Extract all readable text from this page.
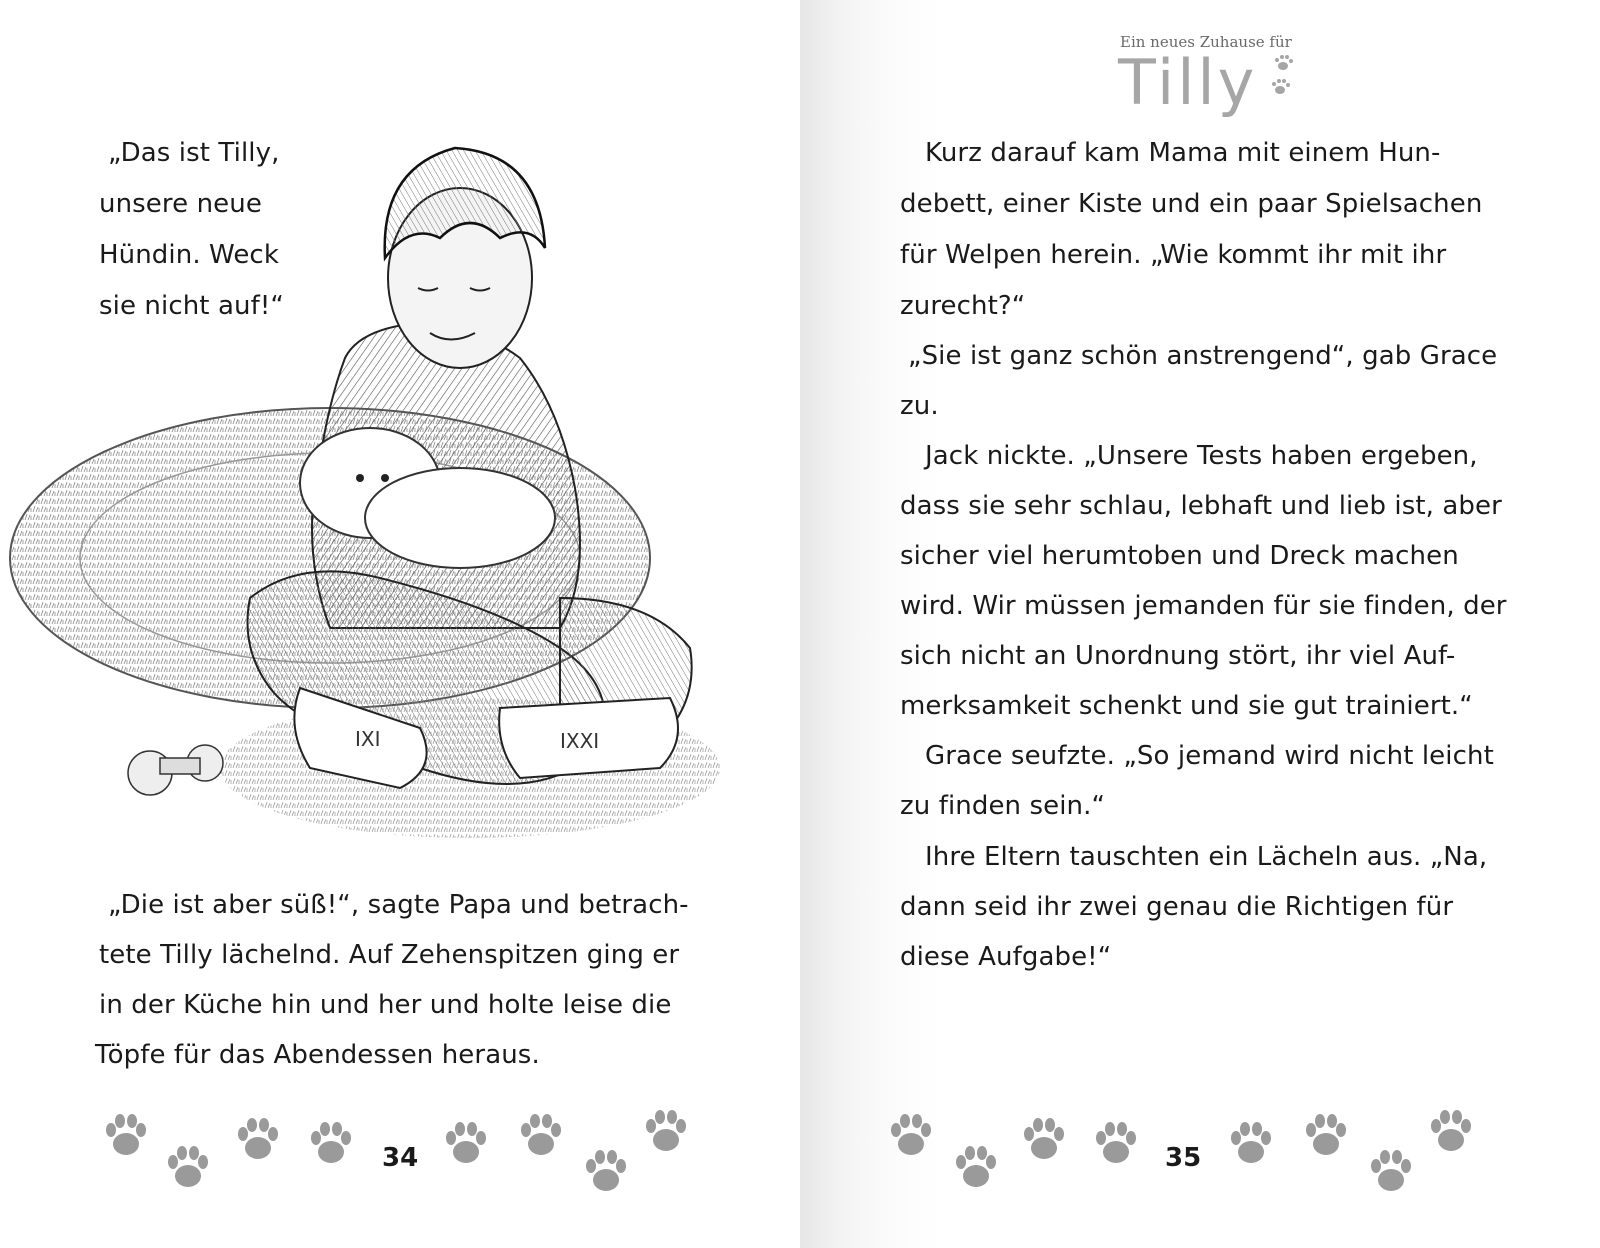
„Das ist Tilly,

unsere neue

Hündin. Weck

sie nicht auf!“

IXI	IXXI

„Die ist aber süß!“, sagte Papa und betrach-

tete Tilly lächelnd. Auf Zehenspitzen ging er

in der Küche hin und her und holte leise die

Töpfe für das Abendessen heraus.

34
Ein neues Zuhause für
Tilly

Kurz darauf kam Mama mit einem Hun-

debett, einer Kiste und ein paar Spielsachen

für Welpen herein. „Wie kommt ihr mit ihr

zurecht?“

„Sie ist ganz schön anstrengend“, gab Grace

zu.

Jack nickte. „Unsere Tests haben ergeben,

dass sie sehr schlau, lebhaft und lieb ist, aber

sicher viel herumtoben und Dreck machen

wird. Wir müssen jemanden für sie finden, der

sich nicht an Unordnung stört, ihr viel Auf-

merksamkeit schenkt und sie gut trainiert.“

Grace seufzte. „So jemand wird nicht leicht

zu finden sein.“

Ihre Eltern tauschten ein Lächeln aus. „Na,

dann seid ihr zwei genau die Richtigen für

diese Aufgabe!“

35
